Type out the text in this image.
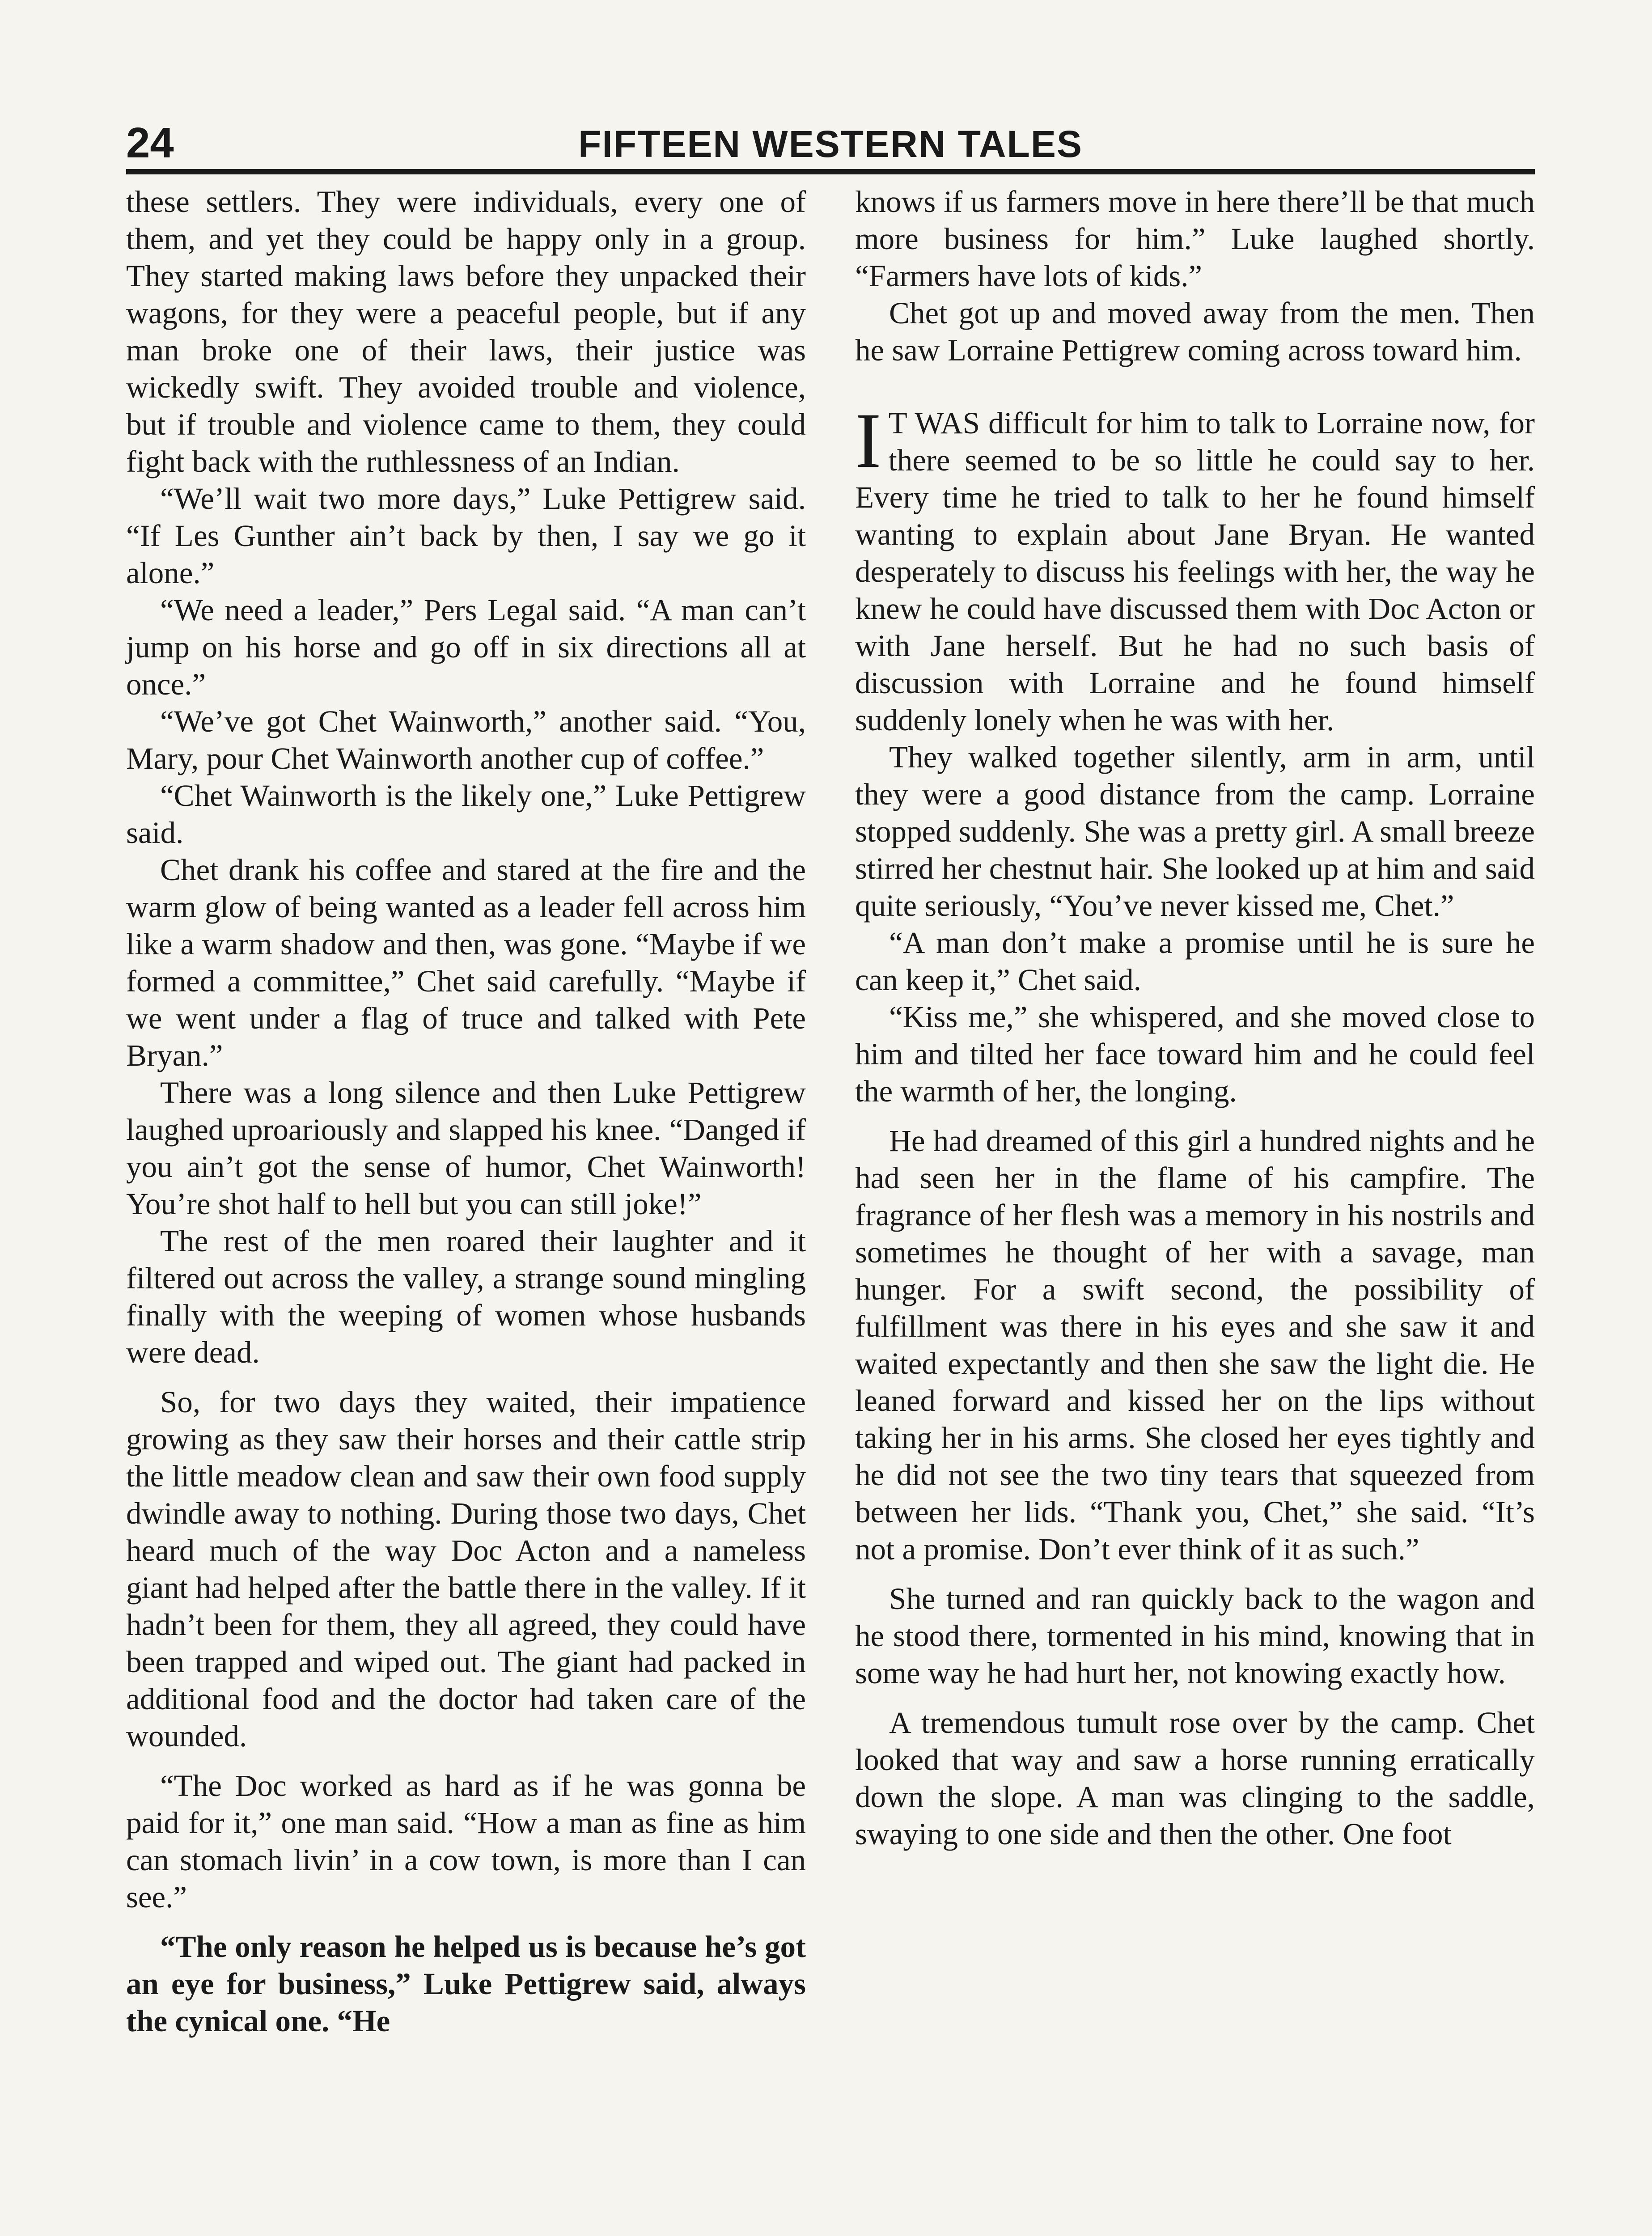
24	FIFTEEN WESTERN TALES

these settlers. They were individuals, every one of them, and yet they could be happy only in a group. They started making laws before they unpacked their wagons, for they were a peaceful people, but if any man broke one of their laws, their justice was wickedly swift. They avoided trouble and violence, but if trouble and violence came to them, they could fight back with the ruthlessness of an Indian.

“We’ll wait two more days,” Luke Pettigrew said. “If Les Gunther ain’t back by then, I say we go it alone.”

“We need a leader,” Pers Legal said. “A man can’t jump on his horse and go off in six directions all at once.”

“We’ve got Chet Wainworth,” another said. “You, Mary, pour Chet Wainworth another cup of coffee.”

“Chet Wainworth is the likely one,” Luke Pettigrew said.

Chet drank his coffee and stared at the fire and the warm glow of being wanted as a leader fell across him like a warm shadow and then, was gone. “Maybe if we formed a committee,” Chet said carefully. “Maybe if we went under a flag of truce and talked with Pete Bryan.”

There was a long silence and then Luke Pettigrew laughed uproariously and slapped his knee. “Danged if you ain’t got the sense of humor, Chet Wainworth! You’re shot half to hell but you can still joke!”

The rest of the men roared their laughter and it filtered out across the valley, a strange sound mingling finally with the weeping of women whose husbands were dead.

So, for two days they waited, their impatience growing as they saw their horses and their cattle strip the little meadow clean and saw their own food supply dwindle away to nothing. During those two days, Chet heard much of the way Doc Acton and a nameless giant had helped after the battle there in the valley. If it hadn’t been for them, they all agreed, they could have been trapped and wiped out. The giant had packed in additional food and the doctor had taken care of the wounded.

“The Doc worked as hard as if he was gonna be paid for it,” one man said. “How a man as fine as him can stomach livin’ in a cow town, is more than I can see.”

“The only reason he helped us is because he’s got an eye for business,” Luke Pettigrew said, always the cynical one. “He

knows if us farmers move in here there’ll be that much more business for him.” Luke laughed shortly. “Farmers have lots of kids.”

Chet got up and moved away from the men. Then he saw Lorraine Pettigrew coming across toward him.

I T WAS difficult for him to talk to Lorraine now, for there seemed to be so little he could say to her. Every time he tried to talk to her he found himself wanting to explain about Jane Bryan. He wanted desperately to discuss his feelings with her, the way he knew he could have discussed them with Doc Acton or with Jane herself. But he had no such basis of discussion with Lorraine and he found himself suddenly lonely when he was with her.

They walked together silently, arm in arm, until they were a good distance from the camp. Lorraine stopped suddenly. She was a pretty girl. A small breeze stirred her chestnut hair. She looked up at him and said quite seriously, “You’ve never kissed me, Chet.”

“A man don’t make a promise until he is sure he can keep it,” Chet said.

“Kiss me,” she whispered, and she moved close to him and tilted her face toward him and he could feel the warmth of her, the longing.

He had dreamed of this girl a hundred nights and he had seen her in the flame of his campfire. The fragrance of her flesh was a memory in his nostrils and sometimes he thought of her with a savage, man hunger. For a swift second, the possibility of fulfillment was there in his eyes and she saw it and waited expectantly and then she saw the light die. He leaned forward and kissed her on the lips without taking her in his arms. She closed her eyes tightly and he did not see the two tiny tears that squeezed from between her lids. “Thank you, Chet,” she said. “It’s not a promise. Don’t ever think of it as such.”

She turned and ran quickly back to the wagon and he stood there, tormented in his mind, knowing that in some way he had hurt her, not knowing exactly how.

A tremendous tumult rose over by the camp. Chet looked that way and saw a horse running erratically down the slope. A man was clinging to the saddle, swaying to one side and then the other. One foot
